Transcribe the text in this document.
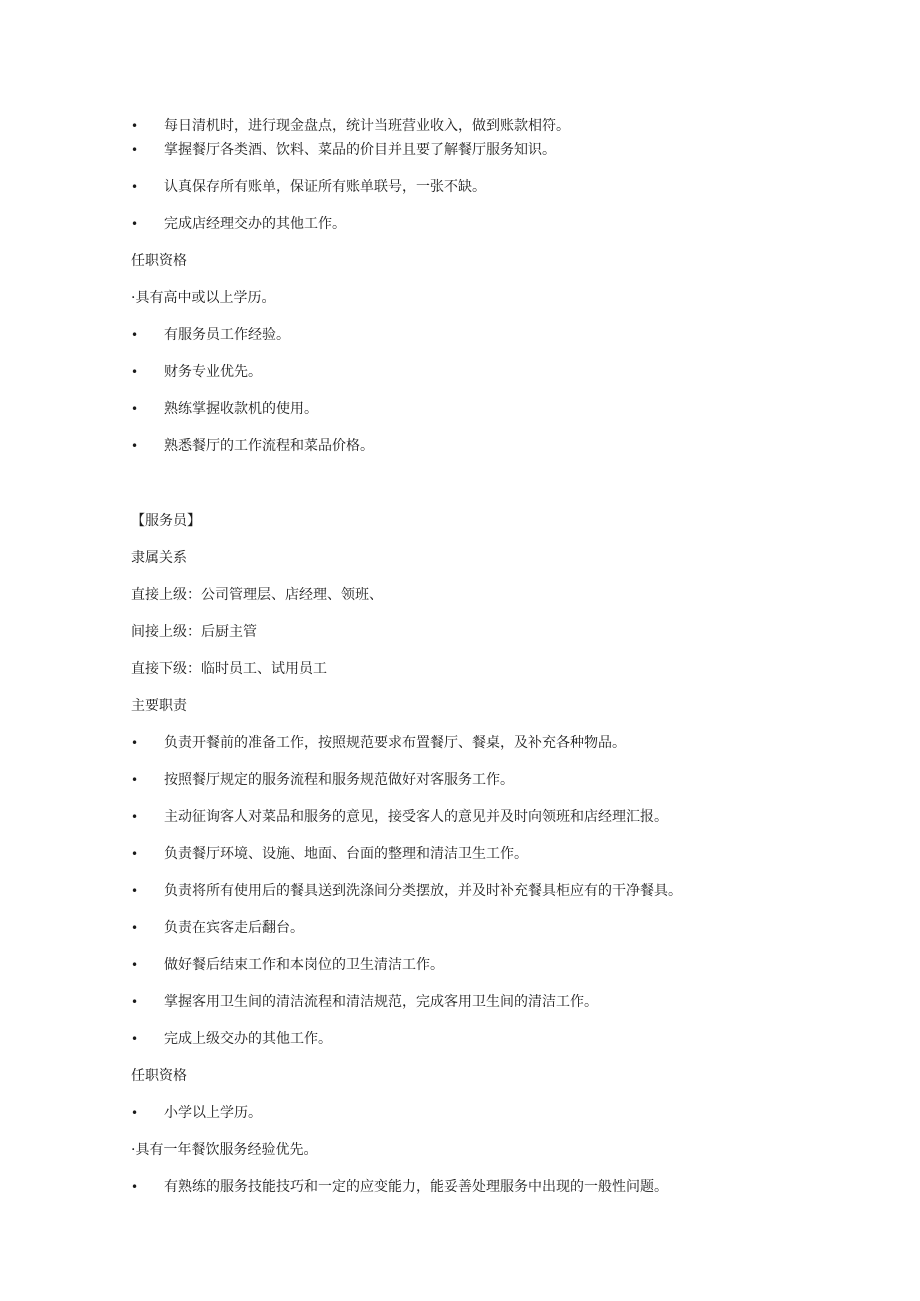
• 每日清机时，进行现金盘点，统计当班营业收入，做到账款相符。
• 掌握餐厅各类酒、饮料、菜品的价目并且要了解餐厅服务知识。
• 认真保存所有账单，保证所有账单联号，一张不缺。
• 完成店经理交办的其他工作。
任职资格
·具有高中或以上学历。
• 有服务员工作经验。
• 财务专业优先。
• 熟练掌握收款机的使用。
• 熟悉餐厅的工作流程和菜品价格。
【服务员】
隶属关系
直接上级：公司管理层、店经理、领班、
间接上级：后厨主管
直接下级：临时员工、试用员工
主要职责
• 负责开餐前的准备工作，按照规范要求布置餐厅、餐桌，及补充各种物品。
• 按照餐厅规定的服务流程和服务规范做好对客服务工作。
• 主动征询客人对菜品和服务的意见，接受客人的意见并及时向领班和店经理汇报。
• 负责餐厅环境、设施、地面、台面的整理和清洁卫生工作。
• 负责将所有使用后的餐具送到洗涤间分类摆放，并及时补充餐具柜应有的干净餐具。
• 负责在宾客走后翻台。
• 做好餐后结束工作和本岗位的卫生清洁工作。
• 掌握客用卫生间的清洁流程和清洁规范，完成客用卫生间的清洁工作。
• 完成上级交办的其他工作。
任职资格
• 小学以上学历。
·具有一年餐饮服务经验优先。
• 有熟练的服务技能技巧和一定的应变能力，能妥善处理服务中出现的一般性问题。
